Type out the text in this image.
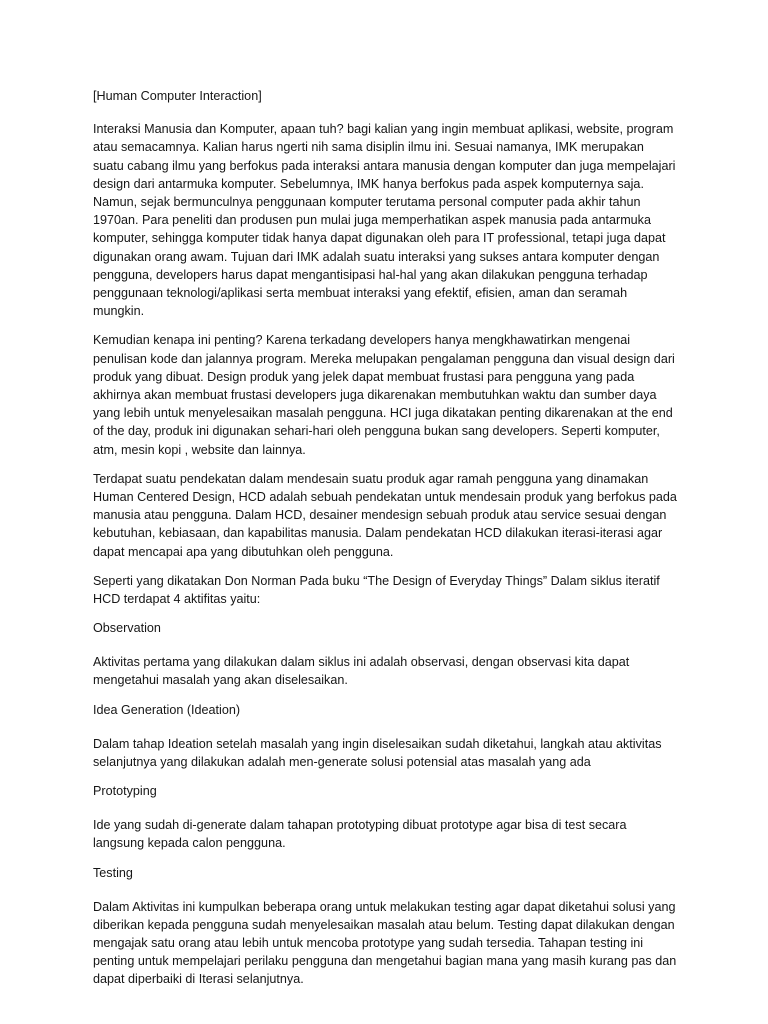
[Human Computer Interaction]

Interaksi Manusia dan Komputer, apaan tuh? bagi kalian yang ingin membuat aplikasi, website, program atau semacamnya. Kalian harus ngerti nih sama disiplin ilmu ini. Sesuai namanya, IMK merupakan suatu cabang ilmu yang berfokus pada interaksi antara manusia dengan komputer dan juga mempelajari design dari antarmuka komputer. Sebelumnya, IMK hanya berfokus pada aspek komputernya saja. Namun, sejak bermunculnya penggunaan komputer terutama personal computer pada akhir tahun 1970an. Para peneliti dan produsen pun mulai juga memperhatikan aspek manusia pada antarmuka komputer, sehingga komputer tidak hanya dapat digunakan oleh para IT professional, tetapi juga dapat digunakan orang awam. Tujuan dari IMK adalah suatu interaksi yang sukses antara komputer dengan pengguna, developers harus dapat mengantisipasi hal-hal yang akan dilakukan pengguna terhadap penggunaan teknologi/aplikasi serta membuat interaksi yang efektif, efisien, aman dan seramah mungkin.

Kemudian kenapa ini penting? Karena terkadang developers hanya mengkhawatirkan mengenai penulisan kode dan jalannya program. Mereka melupakan pengalaman pengguna dan visual design dari produk yang dibuat. Design produk yang jelek dapat membuat frustasi para pengguna yang pada akhirnya akan membuat frustasi developers juga dikarenakan membutuhkan waktu dan sumber daya yang lebih untuk menyelesaikan masalah pengguna. HCI juga dikatakan penting dikarenakan at the end of the day, produk ini digunakan sehari-hari oleh pengguna bukan sang developers. Seperti komputer, atm, mesin kopi , website dan lainnya.

Terdapat suatu pendekatan dalam mendesain suatu produk agar ramah pengguna yang dinamakan Human Centered Design, HCD adalah sebuah pendekatan untuk mendesain produk yang berfokus pada manusia atau pengguna. Dalam HCD, desainer mendesign sebuah produk atau service sesuai dengan kebutuhan, kebiasaan, dan kapabilitas manusia. Dalam pendekatan HCD dilakukan iterasi-iterasi agar dapat mencapai apa yang dibutuhkan oleh pengguna.

Seperti yang dikatakan Don Norman Pada buku “The Design of Everyday Things” Dalam siklus iteratif HCD terdapat 4 aktifitas yaitu:

Observation

Aktivitas pertama yang dilakukan dalam siklus ini adalah observasi, dengan observasi kita dapat mengetahui masalah yang akan diselesaikan.

Idea Generation (Ideation)

Dalam tahap Ideation setelah masalah yang ingin diselesaikan sudah diketahui, langkah atau aktivitas selanjutnya yang dilakukan adalah men-generate solusi potensial atas masalah yang ada

Prototyping

Ide yang sudah di-generate dalam tahapan prototyping dibuat prototype agar bisa di test secara langsung kepada calon pengguna.

Testing

Dalam Aktivitas ini kumpulkan beberapa orang untuk melakukan testing agar dapat diketahui solusi yang diberikan kepada pengguna sudah menyelesaikan masalah atau belum. Testing dapat dilakukan dengan mengajak satu orang atau lebih untuk mencoba prototype yang sudah tersedia. Tahapan testing ini penting untuk mempelajari perilaku pengguna dan mengetahui bagian mana yang masih kurang pas dan dapat diperbaiki di Iterasi selanjutnya.
